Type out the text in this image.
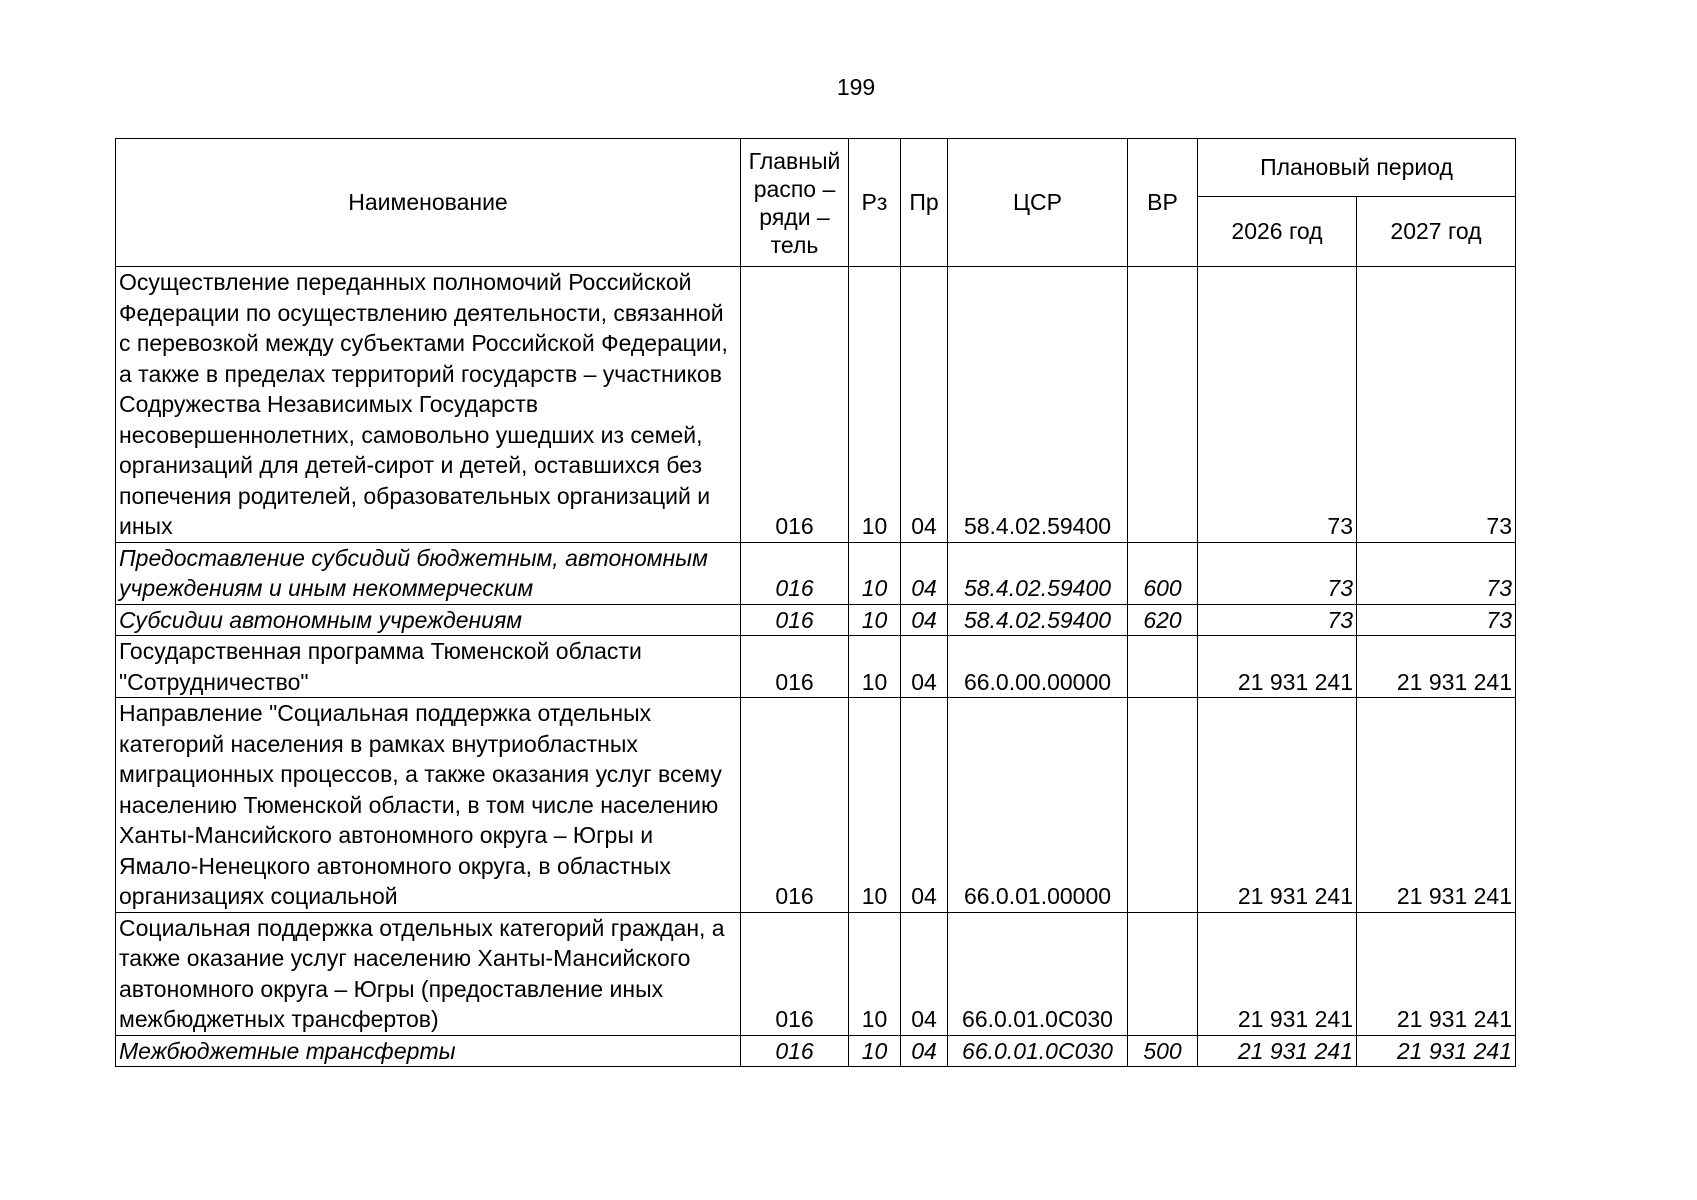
199
Наименование	Главный распо – ряди – тель	Рз	Пр	ЦСР	ВР	Плановый период	
						2026 год	2027 год
Осуществление переданных полномочий Российской Федерации по осуществлению деятельности, связанной с перевозкой между субъектами Российской Федерации, а также в пределах территорий государств – участников Содружества Независимых Государств несовершеннолетних, самовольно ушедших из семей, организаций для детей-сирот и детей, оставшихся без попечения родителей, образовательных организаций и иных	016	10	04	58.4.02.59400		73	73
Предоставление субсидий бюджетным, автономным учреждениям и иным некоммерческим	016	10	04	58.4.02.59400	600	73	73
Субсидии автономным учреждениям	016	10	04	58.4.02.59400	620	73	73
Государственная программа Тюменской области "Сотрудничество"	016	10	04	66.0.00.00000		21 931 241	21 931 241
Направление "Социальная поддержка отдельных категорий населения в рамках внутриобластных миграционных процессов, а также оказания услуг всему населению Тюменской области, в том числе населению Ханты-Мансийского автономного округа – Югры и Ямало-Ненецкого автономного округа, в областных организациях социальной	016	10	04	66.0.01.00000		21 931 241	21 931 241
Социальная поддержка отдельных категорий граждан, а также оказание услуг населению Ханты-Мансийского автономного округа – Югры (предоставление иных межбюджетных трансфертов)	016	10	04	66.0.01.0С030		21 931 241	21 931 241
Межбюджетные трансферты	016	10	04	66.0.01.0С030	500	21 931 241	21 931 241
